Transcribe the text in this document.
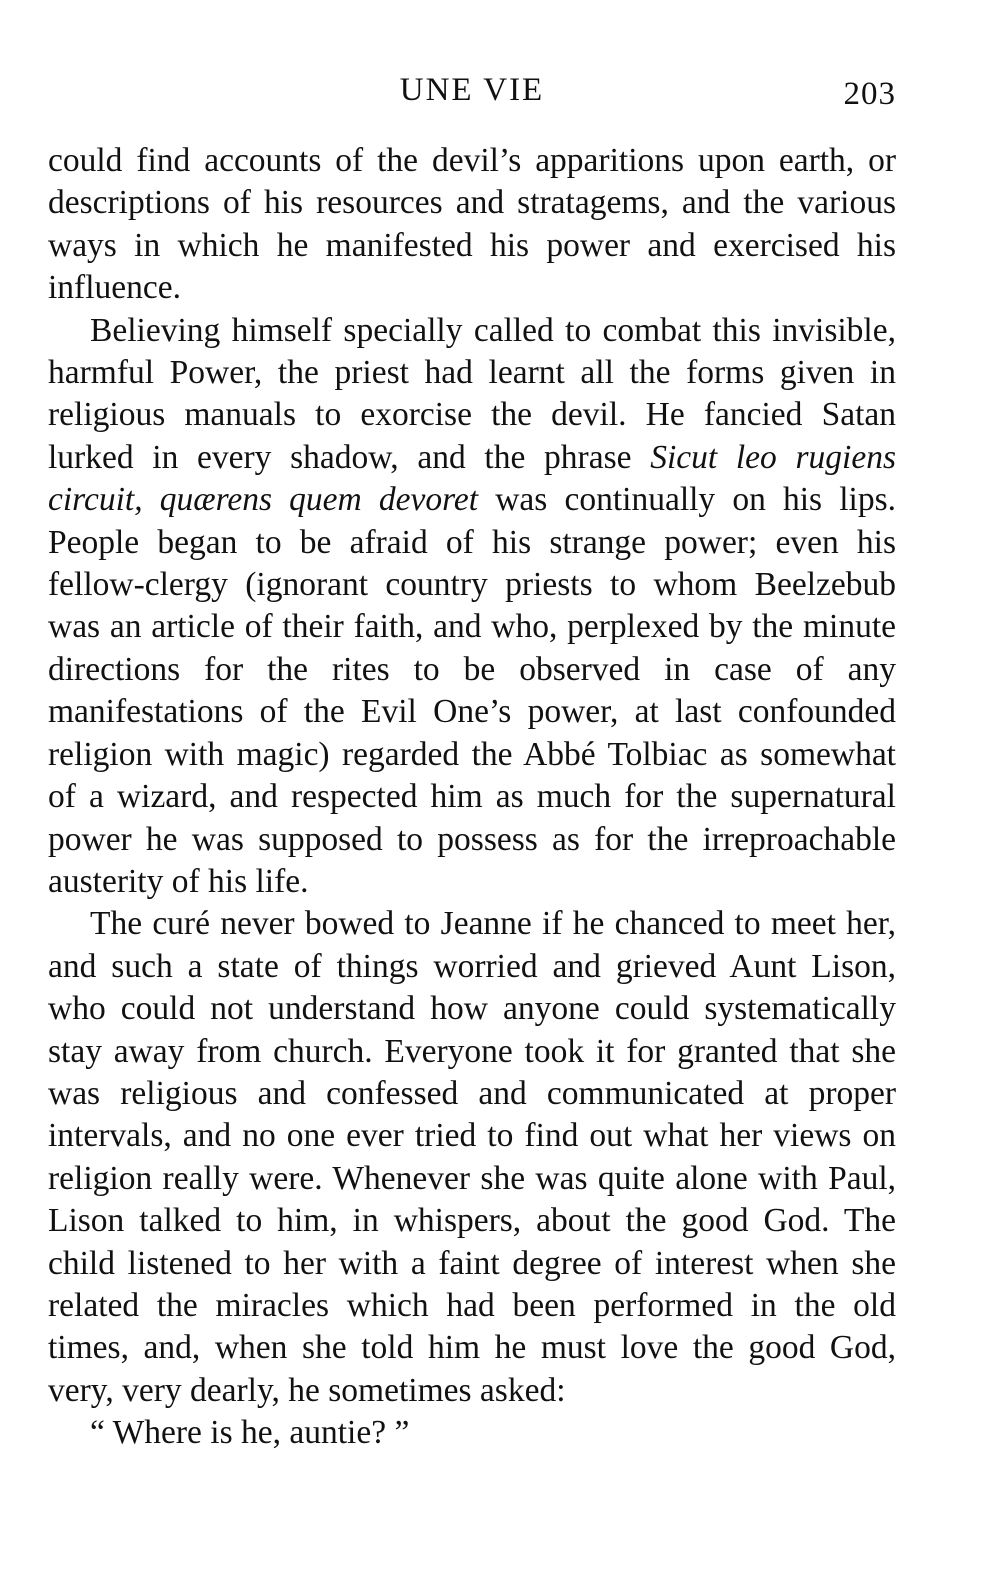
UNE VIE	203

could find accounts of the devil’s apparitions upon earth, or descriptions of his resources and stratagems, and the various ways in which he manifested his power and exercised his influence.

Believing himself specially called to combat this invisible, harmful Power, the priest had learnt all the forms given in religious manuals to exorcise the devil. He fancied Satan lurked in every shadow, and the phrase Sicut leo rugiens circuit, quærens quem devoret was continually on his lips. People began to be afraid of his strange power; even his fellow-clergy (ignorant country priests to whom Beelzebub was an article of their faith, and who, perplexed by the minute directions for the rites to be observed in case of any manifestations of the Evil One’s power, at last confounded religion with magic) regarded the Abbé Tolbiac as somewhat of a wizard, and respected him as much for the supernatural power he was supposed to possess as for the irreproachable austerity of his life.

The curé never bowed to Jeanne if he chanced to meet her, and such a state of things worried and grieved Aunt Lison, who could not understand how anyone could systematically stay away from church. Everyone took it for granted that she was religious and confessed and communicated at proper intervals, and no one ever tried to find out what her views on religion really were. Whenever she was quite alone with Paul, Lison talked to him, in whispers, about the good God. The child listened to her with a faint degree of interest when she related the miracles which had been performed in the old times, and, when she told him he must love the good God, very, very dearly, he sometimes asked:

“ Where is he, auntie? ”
